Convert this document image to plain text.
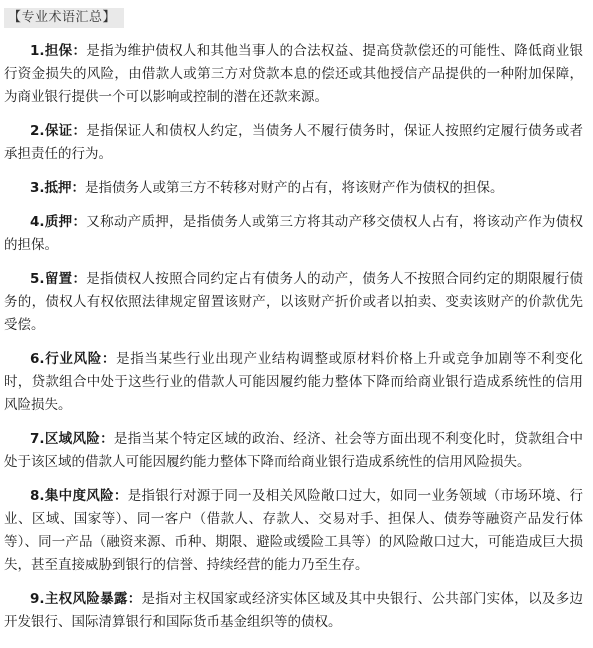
【专业术语汇总】

1.担保：是指为维护债权人和其他当事人的合法权益、提高贷款偿还的可能性、降低商业银行资金损失的风险，由借款人或第三方对贷款本息的偿还或其他授信产品提供的一种附加保障，为商业银行提供一个可以影响或控制的潜在还款来源。

2.保证：是指保证人和债权人约定，当债务人不履行债务时，保证人按照约定履行债务或者承担责任的行为。

3.抵押：是指债务人或第三方不转移对财产的占有，将该财产作为债权的担保。

4.质押：又称动产质押，是指债务人或第三方将其动产移交债权人占有，将该动产作为债权的担保。

5.留置：是指债权人按照合同约定占有债务人的动产，债务人不按照合同约定的期限履行债务的，债权人有权依照法律规定留置该财产，以该财产折价或者以拍卖、变卖该财产的价款优先受偿。

6.行业风险：是指当某些行业出现产业结构调整或原材料价格上升或竞争加剧等不利变化时，贷款组合中处于这些行业的借款人可能因履约能力整体下降而给商业银行造成系统性的信用风险损失。

7.区域风险：是指当某个特定区域的政治、经济、社会等方面出现不利变化时，贷款组合中处于该区域的借款人可能因履约能力整体下降而给商业银行造成系统性的信用风险损失。

8.集中度风险：是指银行对源于同一及相关风险敞口过大，如同一业务领域（市场环境、行业、区域、国家等）、同一客户（借款人、存款人、交易对手、担保人、债券等融资产品发行体等）、同一产品（融资来源、币种、期限、避险或缓险工具等）的风险敞口过大，可能造成巨大损失，甚至直接威胁到银行的信誉、持续经营的能力乃至生存。

9.主权风险暴露：是指对主权国家或经济实体区域及其中央银行、公共部门实体，以及多边开发银行、国际清算银行和国际货币基金组织等的债权。
